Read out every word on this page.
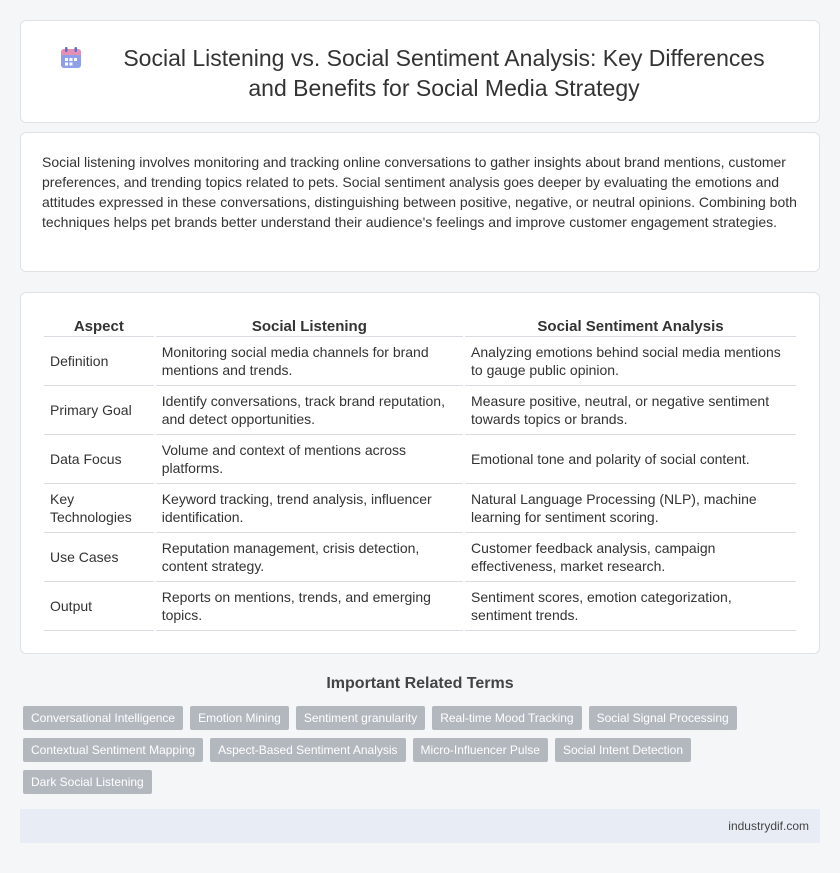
Social Listening vs. Social Sentiment Analysis: Key Differences and Benefits for Social Media Strategy

Social listening involves monitoring and tracking online conversations to gather insights about brand mentions, customer preferences, and trending topics related to pets. Social sentiment analysis goes deeper by evaluating the emotions and attitudes expressed in these conversations, distinguishing between positive, negative, or neutral opinions. Combining both techniques helps pet brands better understand their audience's feelings and improve customer engagement strategies.

Aspect	Social Listening	Social Sentiment Analysis
Definition	Monitoring social media channels for brand mentions and trends.	Analyzing emotions behind social media mentions to gauge public opinion.
Primary Goal	Identify conversations, track brand reputation, and detect opportunities.	Measure positive, neutral, or negative sentiment towards topics or brands.
Data Focus	Volume and context of mentions across platforms.	Emotional tone and polarity of social content.
Key Technologies	Keyword tracking, trend analysis, influencer identification.	Natural Language Processing (NLP), machine learning for sentiment scoring.
Use Cases	Reputation management, crisis detection, content strategy.	Customer feedback analysis, campaign effectiveness, market research.
Output	Reports on mentions, trends, and emerging topics.	Sentiment scores, emotion categorization, sentiment trends.
Important Related Terms
Conversational Intelligence	Emotion Mining	Sentiment granularity	Real-time Mood Tracking	Social Signal Processing
Contextual Sentiment Mapping	Aspect-Based Sentiment Analysis	Micro-Influencer Pulse	Social Intent Detection
Dark Social Listening
industrydif.com
